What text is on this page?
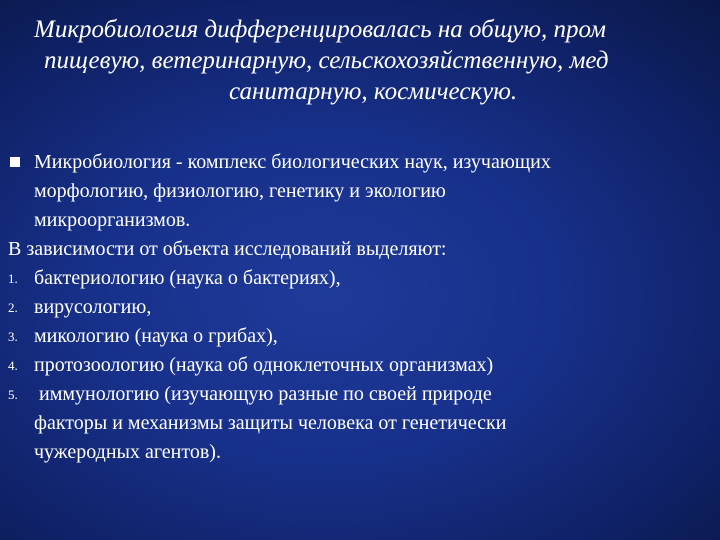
Микробиология дифференцировалась на общую, пром
пищевую, ветеринарную, сельскохозяйственную, мед
санитарную, космическую.
Микробиология - комплекс биологических наук, изучающих
морфологию, физиологию, генетику и экологию
микроорганизмов.

В зависимости от объекта исследований выделяют:

1. бактериологию (наука о бактериях),
2. вирусологию,
3. микологию (наука о грибах),
4. протозоологию (наука об одноклеточных организмах)
5. иммунологию (изучающую разные по своей природе
факторы и механизмы защиты человека от генетически
чужеродных агентов).
